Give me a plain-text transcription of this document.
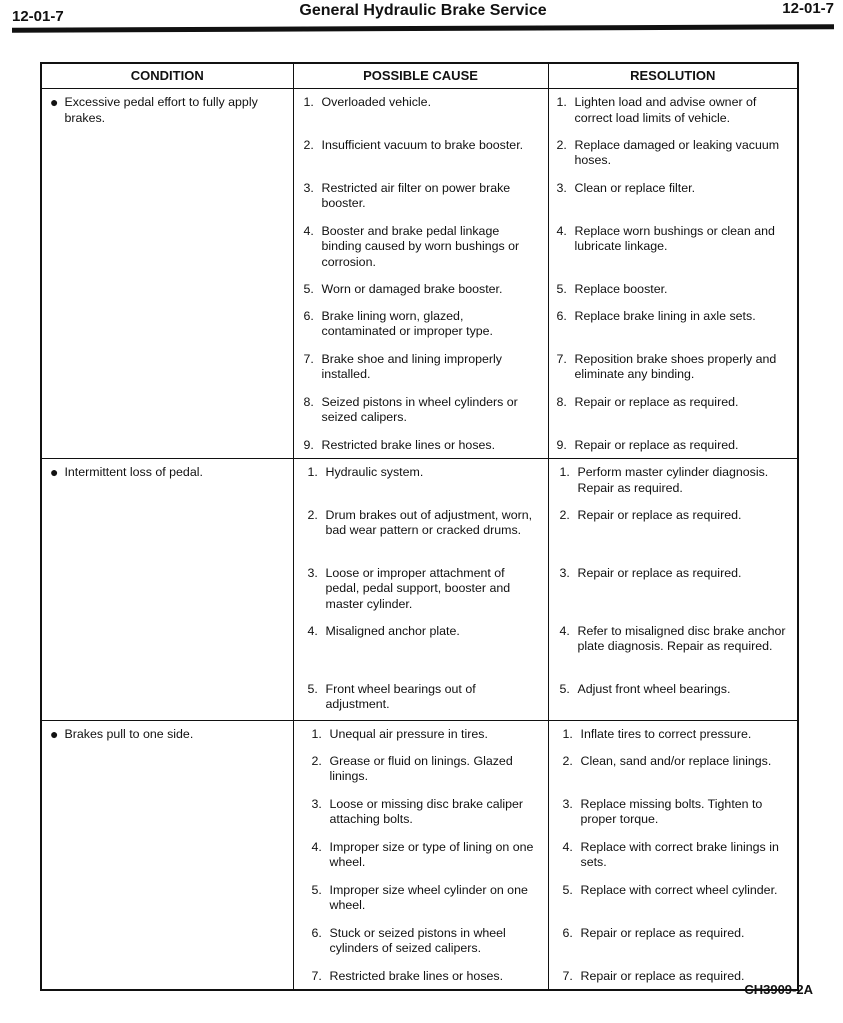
12-01-7	General Hydraulic Brake Service	12-01-7
CONDITION	POSSIBLE CAUSE	RESOLUTION

● Excessive pedal effort to fully apply brakes.	1. Overloaded vehicle.	1. Lighten load and advise owner of correct load limits of vehicle.

	2. Insufficient vacuum to brake booster.	2. Replace damaged or leaking vacuum hoses.

	3. Restricted air filter on power brake booster.	3. Clean or replace filter.

	4. Booster and brake pedal linkage binding caused by worn bushings or corrosion.	4. Replace worn bushings or clean and lubricate linkage.

	5. Worn or damaged brake booster.	5. Replace booster.

	6. Brake lining worn, glazed, contaminated or improper type.	6. Replace brake lining in axle sets.

	7. Brake shoe and lining improperly installed.	7. Reposition brake shoes properly and eliminate any binding.

	8. Seized pistons in wheel cylinders or seized calipers.	8. Repair or replace as required.

	9. Restricted brake lines or hoses.	9. Repair or replace as required.

● Intermittent loss of pedal.	1. Hydraulic system.	1. Perform master cylinder diagnosis. Repair as required.

	2. Drum brakes out of adjustment, worn, bad wear pattern or cracked drums.	2. Repair or replace as required.

	3. Loose or improper attachment of pedal, pedal support, booster and master cylinder.	3. Repair or replace as required.

	4. Misaligned anchor plate.	4. Refer to misaligned disc brake anchor plate diagnosis. Repair as required.

	5. Front wheel bearings out of adjustment.	5. Adjust front wheel bearings.

● Brakes pull to one side.	1. Unequal air pressure in tires.	1. Inflate tires to correct pressure.

	2. Grease or fluid on linings. Glazed linings.	2. Clean, sand and/or replace linings.

	3. Loose or missing disc brake caliper attaching bolts.	3. Replace missing bolts. Tighten to proper torque.

	4. Improper size or type of lining on one wheel.	4. Replace with correct brake linings in sets.

	5. Improper size wheel cylinder on one wheel.	5. Replace with correct wheel cylinder.

	6. Stuck or seized pistons in wheel cylinders of seized calipers.	6. Repair or replace as required.

	7. Restricted brake lines or hoses.	7. Repair or replace as required.
CH3909-2A
